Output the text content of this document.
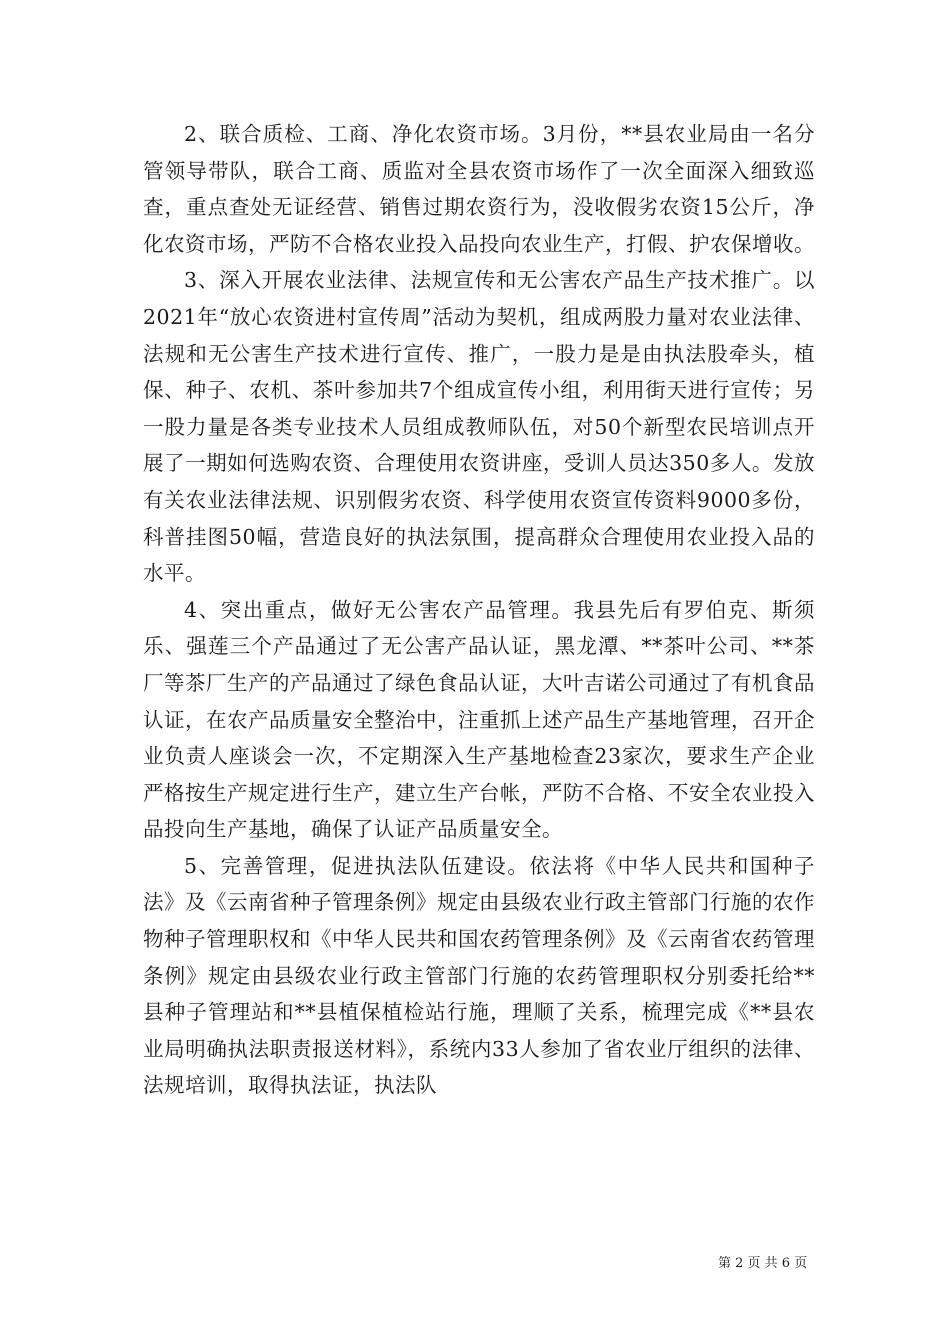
2、联合质检、工商、净化农资市场。3月份，**县农业局由一名分管领导带队，联合工商、质监对全县农资市场作了一次全面深入细致巡查，重点查处无证经营、销售过期农资行为，没收假劣农资15公斤，净化农资市场，严防不合格农业投入品投向农业生产，打假、护农保增收。

3、深入开展农业法律、法规宣传和无公害农产品生产技术推广。以2021年“放心农资进村宣传周”活动为契机，组成两股力量对农业法律、法规和无公害生产技术进行宣传、推广，一股力是是由执法股牵头，植保、种子、农机、茶叶参加共7个组成宣传小组，利用街天进行宣传；另一股力量是各类专业技术人员组成教师队伍，对50个新型农民培训点开展了一期如何选购农资、合理使用农资讲座，受训人员达350多人。发放有关农业法律法规、识别假劣农资、科学使用农资宣传资料9000多份，科普挂图50幅，营造良好的执法氛围，提高群众合理使用农业投入品的水平。

4、突出重点，做好无公害农产品管理。我县先后有罗伯克、斯须乐、强莲三个产品通过了无公害产品认证，黑龙潭、**茶叶公司、**茶厂等茶厂生产的产品通过了绿色食品认证，大叶吉诺公司通过了有机食品认证，在农产品质量安全整治中，注重抓上述产品生产基地管理，召开企业负责人座谈会一次，不定期深入生产基地检查23家次，要求生产企业严格按生产规定进行生产，建立生产台帐，严防不合格、不安全农业投入品投向生产基地，确保了认证产品质量安全。

5、完善管理，促进执法队伍建设。依法将《中华人民共和国种子法》及《云南省种子管理条例》规定由县级农业行政主管部门行施的农作物种子管理职权和《中华人民共和国农药管理条例》及《云南省农药管理条例》规定由县级农业行政主管部门行施的农药管理职权分别委托给**县种子管理站和**县植保植检站行施，理顺了关系，梳理完成《**县农业局明确执法职责报送材料》，系统内33人参加了省农业厅组织的法律、法规培训，取得执法证，执法队

第 2 页 共 6 页
